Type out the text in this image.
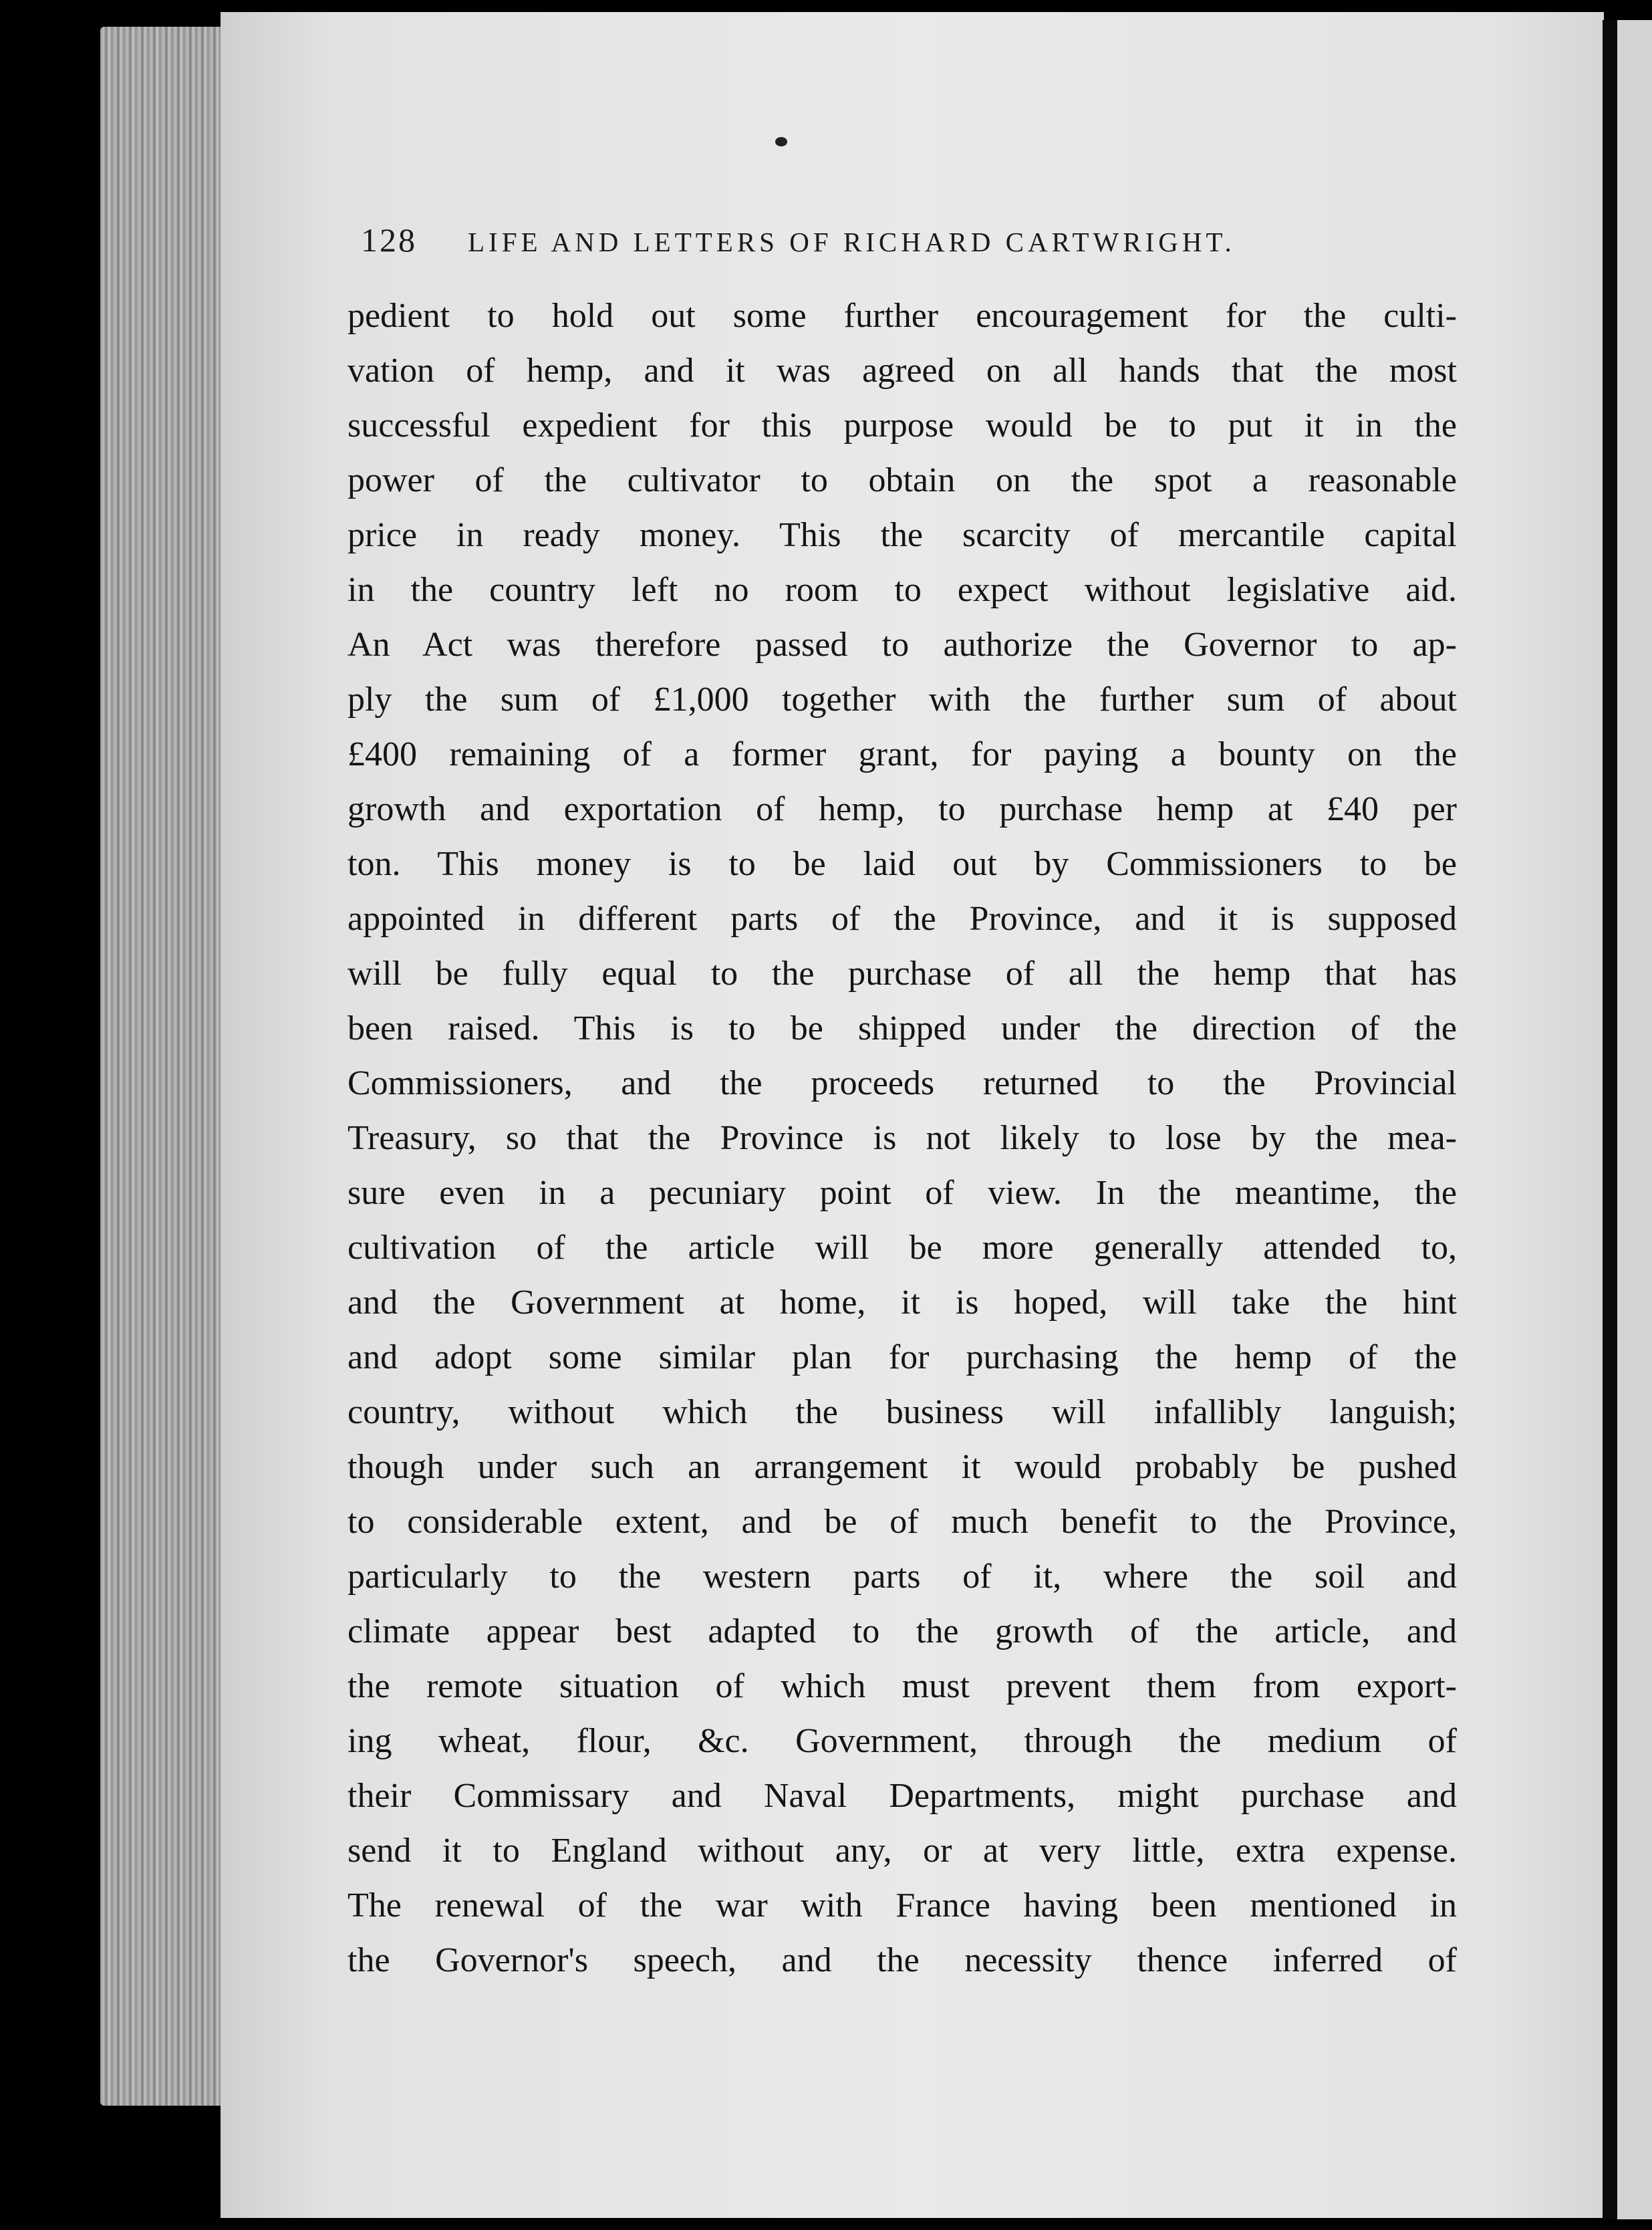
128 LIFE AND LETTERS OF RICHARD CARTWRIGHT.
pedient to hold out some further encouragement for the culti-
vation of hemp, and it was agreed on all hands that the most
successful expedient for this purpose would be to put it in the
power of the cultivator to obtain on the spot a reasonable
price in ready money. This the scarcity of mercantile capital
in the country left no room to expect without legislative aid.
An Act was therefore passed to authorize the Governor to ap-
ply the sum of £1,000 together with the further sum of about
£400 remaining of a former grant, for paying a bounty on the
growth and exportation of hemp, to purchase hemp at £40 per
ton. This money is to be laid out by Commissioners to be
appointed in different parts of the Province, and it is supposed
will be fully equal to the purchase of all the hemp that has
been raised. This is to be shipped under the direction of the
Commissioners, and the proceeds returned to the Provincial
Treasury, so that the Province is not likely to lose by the mea-
sure even in a pecuniary point of view. In the meantime, the
cultivation of the article will be more generally attended to,
and the Government at home, it is hoped, will take the hint
and adopt some similar plan for purchasing the hemp of the
country, without which the business will infallibly languish;
though under such an arrangement it would probably be pushed
to considerable extent, and be of much benefit to the Province,
particularly to the western parts of it, where the soil and
climate appear best adapted to the growth of the article, and
the remote situation of which must prevent them from export-
ing wheat, flour, &c. Government, through the medium of
their Commissary and Naval Departments, might purchase and
send it to England without any, or at very little, extra expense.
The renewal of the war with France having been mentioned in
the Governor's speech, and the necessity thence inferred of
